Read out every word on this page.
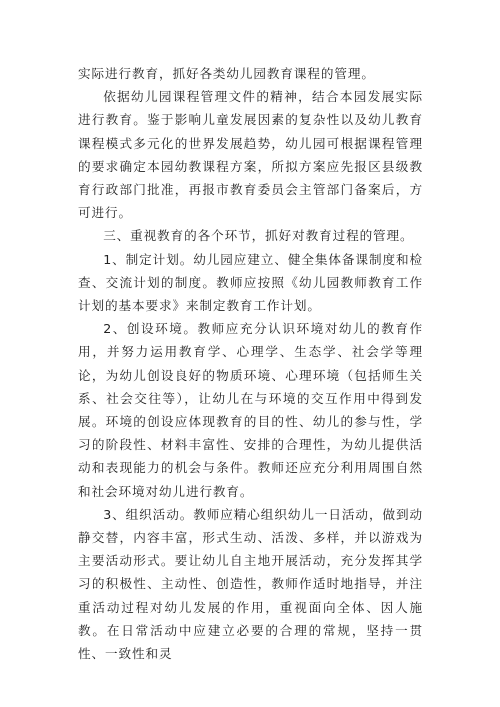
实际进行教育，抓好各类幼儿园教育课程的管理。

依据幼儿园课程管理文件的精神，结合本园发展实际进行教育。鉴于影响儿童发展因素的复杂性以及幼儿教育课程模式多元化的世界发展趋势，幼儿园可根据课程管理的要求确定本园幼教课程方案，所拟方案应先报区县级教育行政部门批准，再报市教育委员会主管部门备案后，方可进行。

三、重视教育的各个环节，抓好对教育过程的管理。

1、制定计划。幼儿园应建立、健全集体备课制度和检查、交流计划的制度。教师应按照《幼儿园教师教育工作计划的基本要求》来制定教育工作计划。

2、创设环境。教师应充分认识环境对幼儿的教育作用，并努力运用教育学、心理学、生态学、社会学等理论，为幼儿创设良好的物质环境、心理环境（包括师生关系、社会交往等），让幼儿在与环境的交互作用中得到发展。环境的创设应体现教育的目的性、幼儿的参与性，学习的阶段性、材料丰富性、安排的合理性，为幼儿提供活动和表现能力的机会与条件。教师还应充分利用周围自然和社会环境对幼儿进行教育。

3、组织活动。教师应精心组织幼儿一日活动，做到动静交替，内容丰富，形式生动、活泼、多样，并以游戏为主要活动形式。要让幼儿自主地开展活动，充分发挥其学习的积极性、主动性、创造性，教师作适时地指导，并注重活动过程对幼儿发展的作用，重视面向全体、因人施教。在日常活动中应建立必要的合理的常规，坚持一贯性、一致性和灵
